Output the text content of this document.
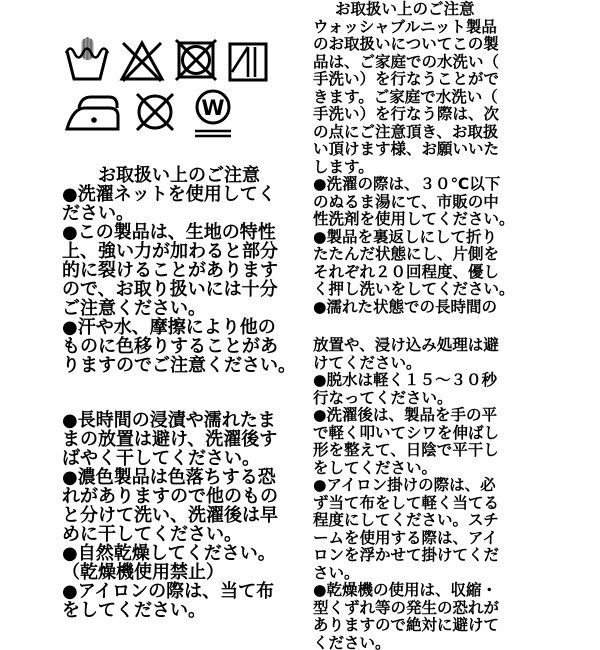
W
お取扱い上のご注意
●洗濯ネットを使用してく
ださい。
●この製品は、生地の特性
上、強い力が加わると部分
的に裂けることがあります
ので、お取り扱いには十分
ご注意ください。
●汗や水、摩擦により他の
ものに色移りすることがあ
りますのでご注意ください。
●長時間の浸漬や濡れたま
まの放置は避け、洗濯後す
ばやく干してください。
●濃色製品は色落ちする恐
れがありますので他のもの
と分けて洗い、洗濯後は早
めに干してください。
●自然乾燥してください。
（乾燥機使用禁止）
●アイロンの際は、当て布
をしてください。
お取扱い上のご注意
ウォッシャブルニット製品
のお取扱いについてこの製
品は、ご家庭での水洗い（
手洗い）を行なうことがで
きます。ご家庭で水洗い（
手洗い）を行なう際は、次
の点にご注意頂き、お取扱
い頂けます様、お願いいた
します。
●洗濯の際は、３０℃以下
のぬるま湯にて、市販の中
性洗剤を使用してください。
●製品を裏返しにして折り
たたんだ状態にし、片側を
それぞれ２０回程度、優し
く押し洗いをしてください。
●濡れた状態での長時間の
放置や、浸け込み処理は避
けてください。
●脱水は軽く１５～３０秒
行なってください。
●洗濯後は、製品を手の平
で軽く叩いてシワを伸ばし
形を整えて、日陰で平干し
をしてください。
●アイロン掛けの際は、必
ず当て布をして軽く当てる
程度にしてください。スチ
ームを使用する際は、アイ
ロンを浮かせて掛けてくだ
さい。
●乾燥機の使用は、収縮・
型くずれ等の発生の恐れが
ありますので絶対に避けて
ください。
